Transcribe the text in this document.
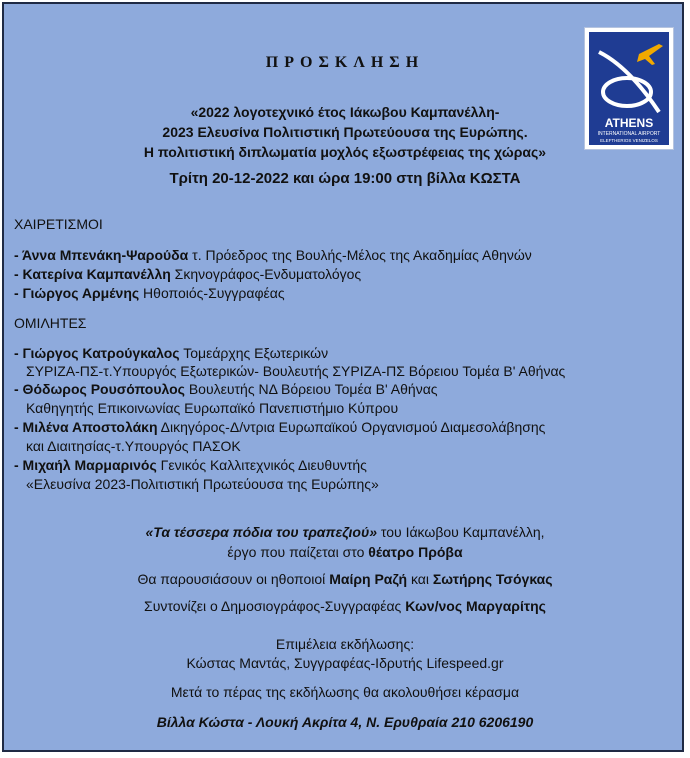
ATHENS
INTERNATIONAL AIRPORT
ELEFTHERIOS VENIZELOS
ΠΡΟΣΚΛΗΣΗ
«2022 λογοτεχνικό έτος Ιάκωβου Καμπανέλλη-
2023 Ελευσίνα Πολιτιστική Πρωτεύουσα της Ευρώπης.
Η πολιτιστική διπλωματία μοχλός εξωστρέφειας της χώρας»
Τρίτη 20-12-2022 και ώρα 19:00 στη βίλλα ΚΩΣΤΑ
ΧΑΙΡΕΤΙΣΜΟΙ
- Άννα Μπενάκη-Ψαρούδα τ. Πρόεδρος της Βουλής-Μέλος της Ακαδημίας Αθηνών
- Κατερίνα Καμπανέλλη Σκηνογράφος-Ενδυματολόγος
- Γιώργος Αρμένης Ηθοποιός-Συγγραφέας
ΟΜΙΛΗΤΕΣ
- Γιώργος Κατρούγκαλος Τομεάρχης Εξωτερικών
ΣΥΡΙΖΑ-ΠΣ-τ.Υπουργός Εξωτερικών- Βουλευτής ΣΥΡΙΖΑ-ΠΣ Βόρειου Τομέα Β' Αθήνας
- Θόδωρος Ρουσόπουλος Βουλευτής ΝΔ Βόρειου Τομέα Β' Αθήνας
Καθηγητής Επικοινωνίας Ευρωπαϊκό Πανεπιστήμιο Κύπρου
- Μιλένα Αποστολάκη Δικηγόρος-Δ/ντρια Ευρωπαϊκού Οργανισμού Διαμεσολάβησης
και Διαιτησίας-τ.Υπουργός ΠΑΣΟΚ
- Μιχαήλ Μαρμαρινός Γενικός Καλλιτεχνικός Διευθυντής
«Ελευσίνα 2023-Πολιτιστική Πρωτεύουσα της Ευρώπης»
«Τα τέσσερα πόδια του τραπεζιού» του Ιάκωβου Καμπανέλλη,
έργο που παίζεται στο θέατρο Πρόβα
Θα παρουσιάσουν οι ηθοποιοί Μαίρη Ραζή και Σωτήρης Τσόγκας
Συντονίζει ο Δημοσιογράφος-Συγγραφέας Κων/νος Μαργαρίτης
Επιμέλεια εκδήλωσης:
Κώστας Μαντάς, Συγγραφέας-Ιδρυτής Lifespeed.gr
Μετά το πέρας της εκδήλωσης θα ακολουθήσει κέρασμα
Βίλλα Κώστα - Λουκή Ακρίτα 4, Ν. Ερυθραία 210 6206190
